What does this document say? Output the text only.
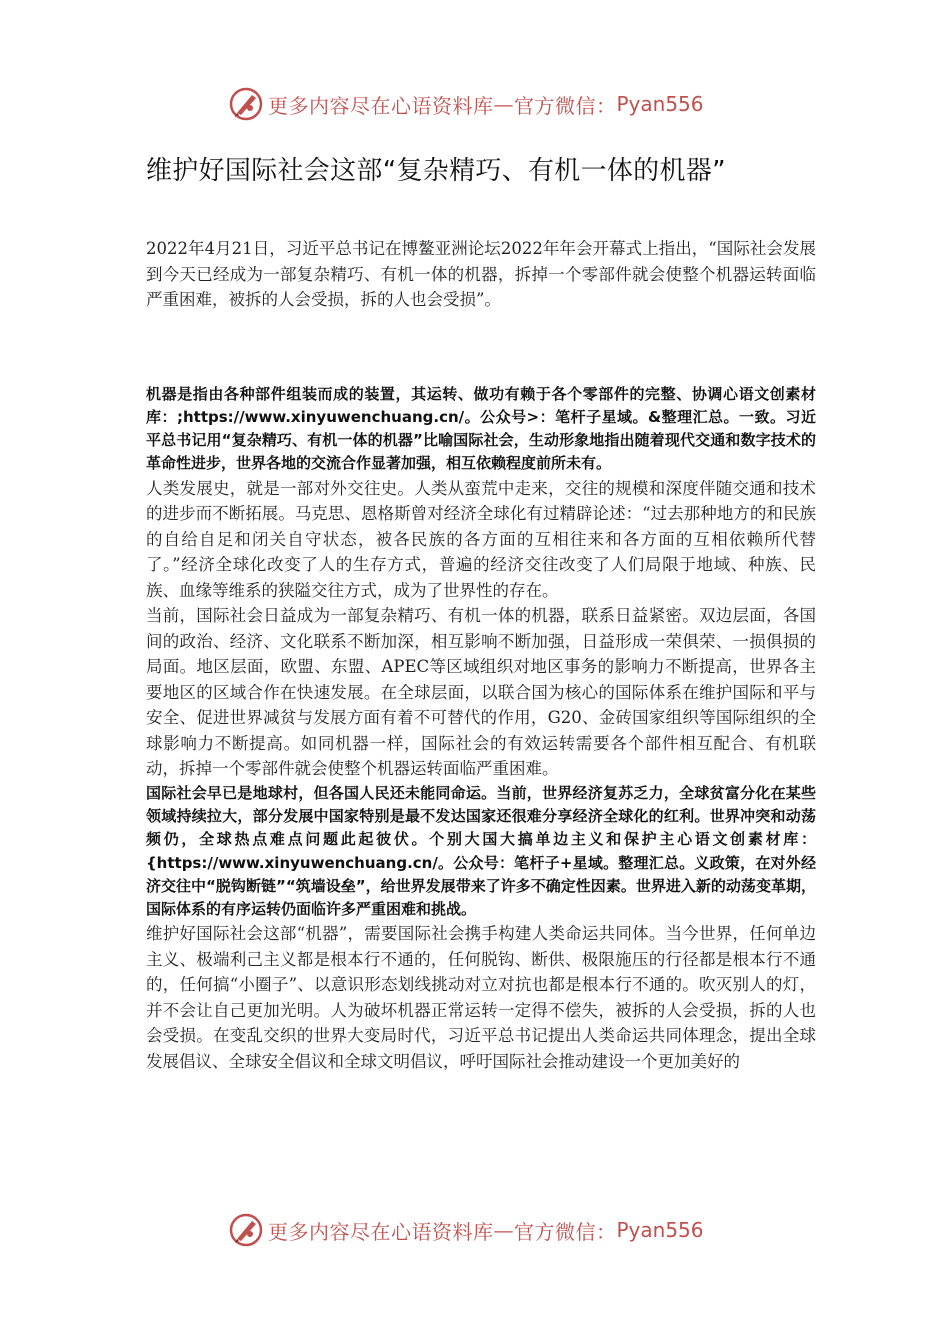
更多内容尽在心语资料库 — 官方微信： Pyan556
维护好国际社会这部“复杂精巧、有机一体的机器”

2022年4月21日，习近平总书记在博鳌亚洲论坛2022年年会开幕式上指出，“国际社会发展到今天已经成为一部复杂精巧、有机一体的机器，拆掉一个零部件就会使整个机器运转面临严重困难，被拆的人会受损，拆的人也会受损”。

机器是指由各种部件组装而成的装置，其运转、做功有赖于各个零部件的完整、协调心语文创素材库：;https://www.xinyuwenchuang.cn/。公众号>：笔杆子星域。&整理汇总。一致。习近平总书记用“复杂精巧、有机一体的机器”比喻国际社会，生动形象地指出随着现代交通和数字技术的革命性进步，世界各地的交流合作显著加强，相互依赖程度前所未有。

人类发展史，就是一部对外交往史。人类从蛮荒中走来，交往的规模和深度伴随交通和技术的进步而不断拓展。马克思、恩格斯曾对经济全球化有过精辟论述：“过去那种地方的和民族的自给自足和闭关自守状态，被各民族的各方面的互相往来和各方面的互相依赖所代替了。”经济全球化改变了人的生存方式，普遍的经济交往改变了人们局限于地域、种族、民族、血缘等维系的狭隘交往方式，成为了世界性的存在。

当前，国际社会日益成为一部复杂精巧、有机一体的机器，联系日益紧密。双边层面，各国间的政治、经济、文化联系不断加深，相互影响不断加强，日益形成一荣俱荣、一损俱损的局面。地区层面，欧盟、东盟、APEC等区域组织对地区事务的影响力不断提高，世界各主要地区的区域合作在快速发展。在全球层面，以联合国为核心的国际体系在维护国际和平与安全、促进世界减贫与发展方面有着不可替代的作用，G20、金砖国家组织等国际组织的全球影响力不断提高。如同机器一样，国际社会的有效运转需要各个部件相互配合、有机联动，拆掉一个零部件就会使整个机器运转面临严重困难。

国际社会早已是地球村，但各国人民还未能同命运。当前，世界经济复苏乏力，全球贫富分化在某些领域持续拉大，部分发展中国家特别是最不发达国家还很难分享经济全球化的红利。世界冲突和动荡频仍，全球热点难点问题此起彼伏。个别大国大搞单边主义和保护主心语文创素材库：{https://www.xinyuwenchuang.cn/。公众号：笔杆子+星域。整理汇总。义政策，在对外经济交往中“脱钩断链”“筑墙设垒”，给世界发展带来了许多不确定性因素。世界进入新的动荡变革期，国际体系的有序运转仍面临许多严重困难和挑战。

维护好国际社会这部“机器”，需要国际社会携手构建人类命运共同体。当今世界，任何单边主义、极端利己主义都是根本行不通的，任何脱钩、断供、极限施压的行径都是根本行不通的，任何搞“小圈子”、以意识形态划线挑动对立对抗也都是根本行不通的。吹灭别人的灯，并不会让自己更加光明。人为破坏机器正常运转一定得不偿失，被拆的人会受损，拆的人也会受损。在变乱交织的世界大变局时代，习近平总书记提出人类命运共同体理念，提出全球发展倡议、全球安全倡议和全球文明倡议，呼吁国际社会推动建设一个更加美好的

更多内容尽在心语资料库 — 官方微信： Pyan556
